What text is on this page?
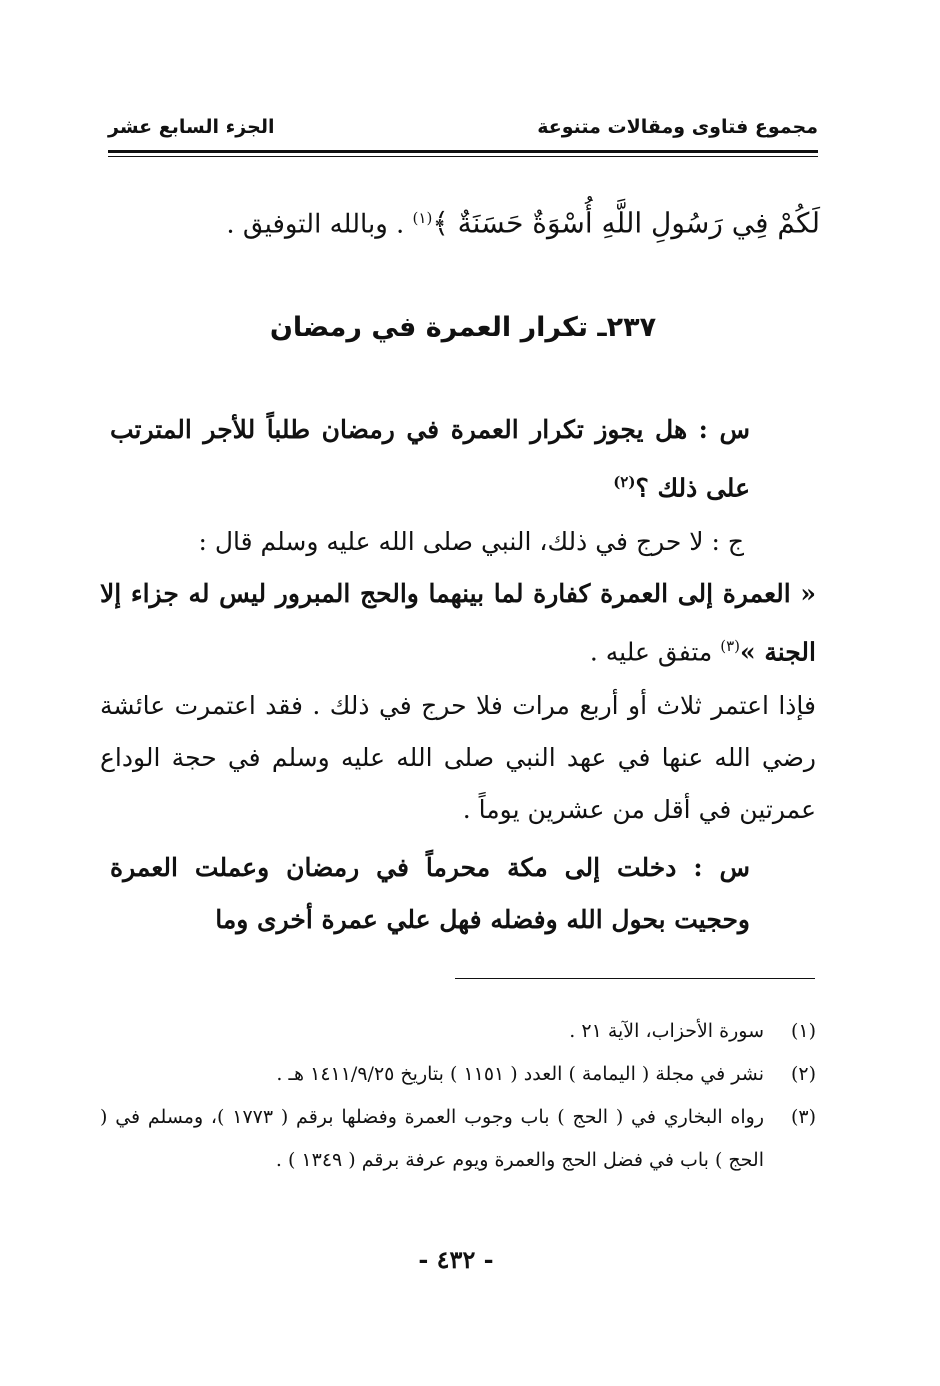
مجموع فتاوى ومقالات متنوعة
الجزء السابع عشر
لَكُمْ فِي رَسُولِ اللَّهِ أُسْوَةٌ حَسَنَةٌ ﴾$^{(١)}$ . وبالله التوفيق .
٢٣٧ـ تكرار العمرة في رمضان
س : هل يجوز تكرار العمرة في رمضان طلباً للأجر المترتب على ذلك ؟$^{(٢)}$
ج : لا حرج في ذلك، النبي صلى الله عليه وسلم قال :
« العمرة إلى العمرة كفارة لما بينهما والحج المبرور ليس له جزاء إلا الجنة »$^{(٣)}$ متفق عليه .
فإذا اعتمر ثلاث أو أربع مرات فلا حرج في ذلك . فقد اعتمرت عائشة رضي الله عنها في عهد النبي صلى الله عليه وسلم في حجة الوداع عمرتين في أقل من عشرين يوماً .
س : دخلت إلى مكة محرماً في رمضان وعملت العمرة وحجيت بحول الله وفضله فهل علي عمرة أخرى وما
(١)
سورة الأحزاب، الآية ٢١ .
(٢)
نشر في مجلة ( اليمامة ) العدد ( ١١٥١ ) بتاريخ ١٤١١/٩/٢٥ هـ .
(٣)
رواه البخاري في ( الحج ) باب وجوب العمرة وفضلها برقم ( ١٧٧٣ )، ومسلم في ( الحج ) باب في فضل الحج والعمرة ويوم عرفة برقم ( ١٣٤٩ ) .
- ٤٣٢ -
